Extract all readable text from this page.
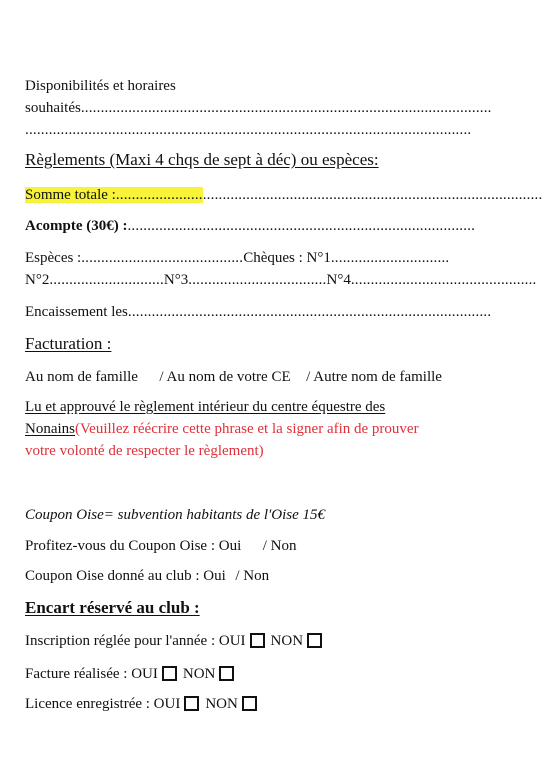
Disponibilités et horaires
souhaités........................................................................................................
.................................................................................................................
Règlements (Maxi 4 chqs de sept à déc) ou espèces:
Somme totale :............................................................................................................
Acompte (30€) :........................................................................................
Espèces :.........................................Chèques : N°1..............................
N°2.............................N°3...................................N°4...............................................
Encaissement les............................................................................................
Facturation :
Au nom de famille / Au nom de votre CE / Autre nom de famille
Lu et approuvé le règlement intérieur du centre équestre des
Nonains(Veuillez réécrire cette phrase et la signer afin de prouver
votre volonté de respecter le règlement)
Coupon Oise= subvention habitants de l'Oise 15€
Profitez-vous du Coupon Oise : Oui / Non
Coupon Oise donné au club : Oui / Non
Encart réservé au club :
Inscription réglée pour l'année : OUI NON
Facture réalisée : OUI NON
Licence enregistrée : OUI NON
